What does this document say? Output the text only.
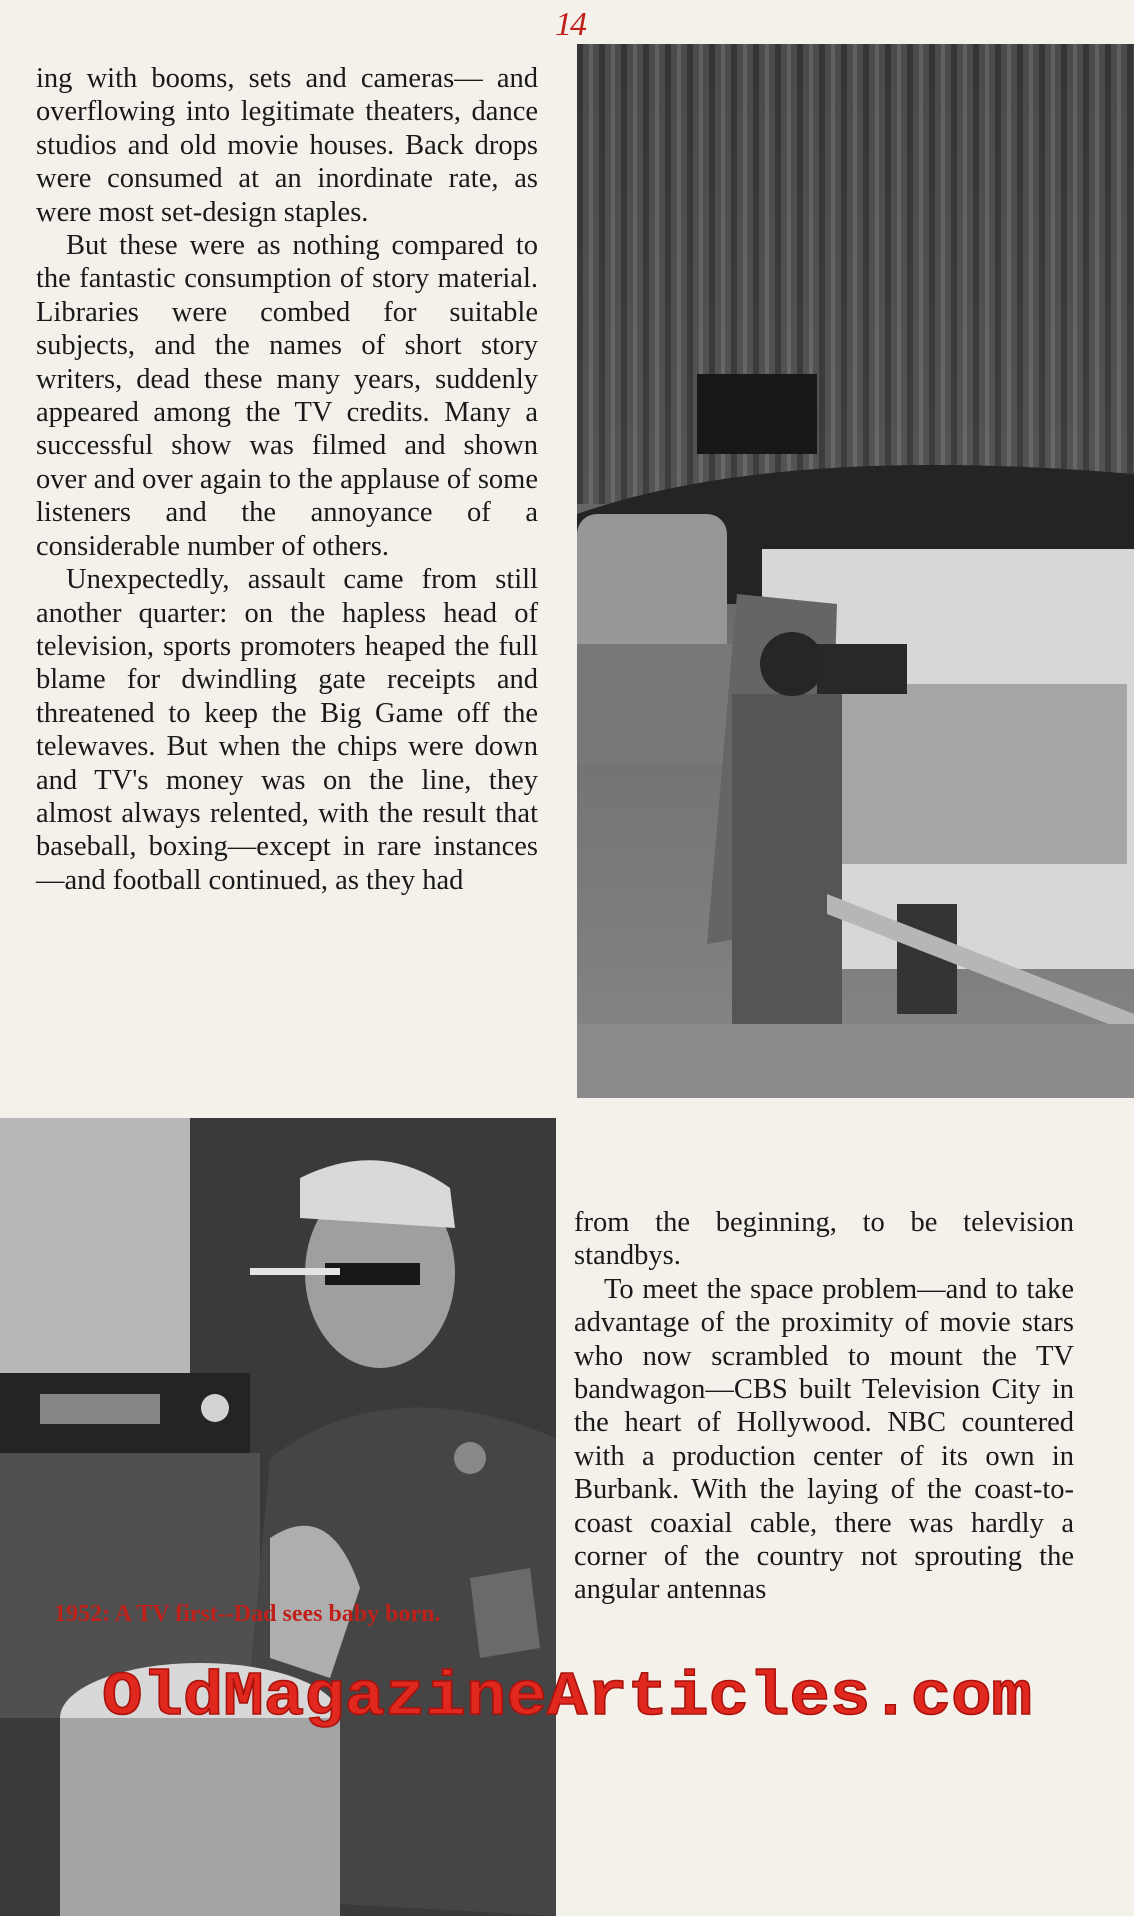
14

ing with booms, sets and cameras— and overflowing into legitimate theaters, dance studios and old movie houses. Back drops were consumed at an inordinate rate, as were most set-design staples.

But these were as nothing compared to the fantastic consumption of story material. Libraries were combed for suitable subjects, and the names of short story writers, dead these many years, suddenly appeared among the TV credits. Many a successful show was filmed and shown over and over again to the applause of some listeners and the annoyance of a considerable number of others.

Unexpectedly, assault came from still another quarter: on the hapless head of television, sports promoters heaped the full blame for dwindling gate receipts and threatened to keep the Big Game off the telewaves. But when the chips were down and TV's money was on the line, they almost always relented, with the result that baseball, boxing—except in rare instances—and football continued, as they had

1952: A TV first--Dad sees baby born.

from the beginning, to be television standbys.

To meet the space problem—and to take advantage of the proximity of movie stars who now scrambled to mount the TV bandwagon—CBS built Television City in the heart of Hollywood. NBC countered with a production center of its own in Burbank. With the laying of the coast-to-coast coaxial cable, there was hardly a corner of the country not sprouting the angular antennas

OldMagazineArticles.com
